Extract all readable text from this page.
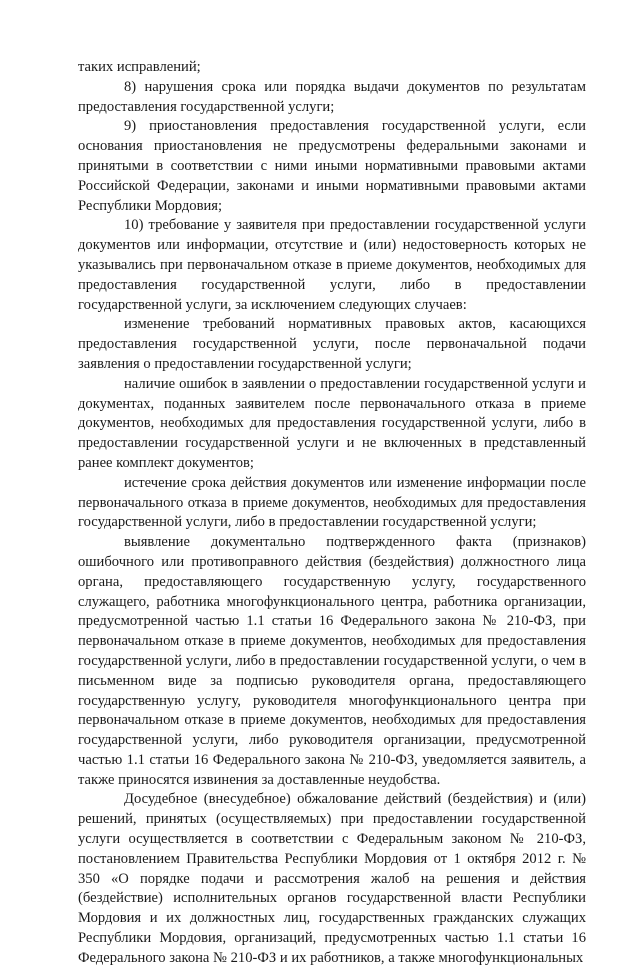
таких исправлений;

8) нарушения срока или порядка выдачи документов по результатам предоставления государственной услуги;

9) приостановления предоставления государственной услуги, если основания приостановления не предусмотрены федеральными законами и принятыми в соответствии с ними иными нормативными правовыми актами Российской Федерации, законами и иными нормативными правовыми актами Республики Мордовия;

10) требование у заявителя при предоставлении государственной услуги документов или информации, отсутствие и (или) недостоверность которых не указывались при первоначальном отказе в приеме документов, необходимых для предоставления государственной услуги, либо в предоставлении государственной услуги, за исключением следующих случаев:

изменение требований нормативных правовых актов, касающихся предоставления государственной услуги, после первоначальной подачи заявления о предоставлении государственной услуги;

наличие ошибок в заявлении о предоставлении государственной услуги и документах, поданных заявителем после первоначального отказа в приеме документов, необходимых для предоставления государственной услуги, либо в предоставлении государственной услуги и не включенных в представленный ранее комплект документов;

истечение срока действия документов или изменение информации после первоначального отказа в приеме документов, необходимых для предоставления государственной услуги, либо в предоставлении государственной услуги;

выявление документально подтвержденного факта (признаков) ошибочного или противоправного действия (бездействия) должностного лица органа, предоставляющего государственную услугу, государственного служащего, работника многофункционального центра, работника организации, предусмотренной частью 1.1 статьи 16 Федерального закона № 210-ФЗ, при первоначальном отказе в приеме документов, необходимых для предоставления государственной услуги, либо в предоставлении государственной услуги, о чем в письменном виде за подписью руководителя органа, предоставляющего государственную услугу, руководителя многофункционального центра при первоначальном отказе в приеме документов, необходимых для предоставления государственной услуги, либо руководителя организации, предусмотренной частью 1.1 статьи 16 Федерального закона № 210-ФЗ, уведомляется заявитель, а также приносятся извинения за доставленные неудобства.

Досудебное (внесудебное) обжалование действий (бездействия) и (или) решений, принятых (осуществляемых) при предоставлении государственной услуги осуществляется в соответствии с Федеральным законом № 210-ФЗ, постановлением Правительства Республики Мордовия от 1 октября 2012 г. № 350 «О порядке подачи и рассмотрения жалоб на решения и действия (бездействие) исполнительных органов государственной власти Республики Мордовия и их должностных лиц, государственных гражданских служащих Республики Мордовия, организаций, предусмотренных частью 1.1 статьи 16 Федерального закона № 210-ФЗ и их работников, а также многофункциональных
